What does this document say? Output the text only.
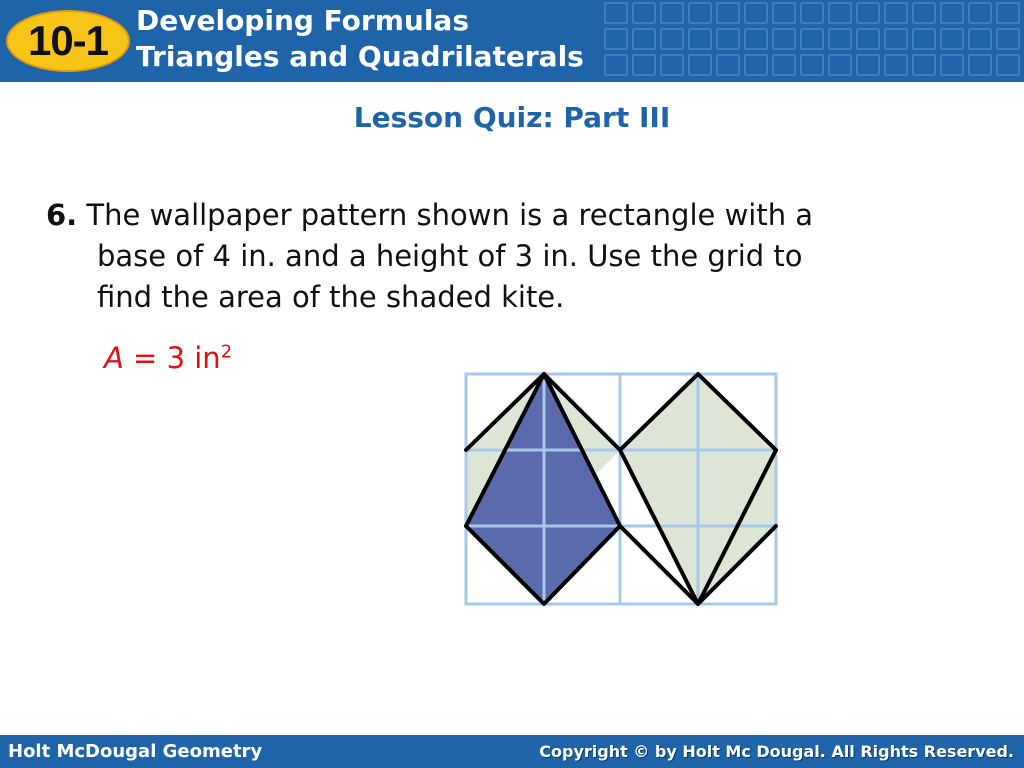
10-1 Developing Formulas
Triangles and Quadrilaterals
Lesson Quiz: Part III
6. The wallpaper pattern shown is a rectangle with a
base of 4 in. and a height of 3 in. Use the grid to
find the area of the shaded kite.
A = 3 $in^2$
Holt McDougal Geometry	Copyright © by Holt Mc Dougal. All Rights Reserved.
